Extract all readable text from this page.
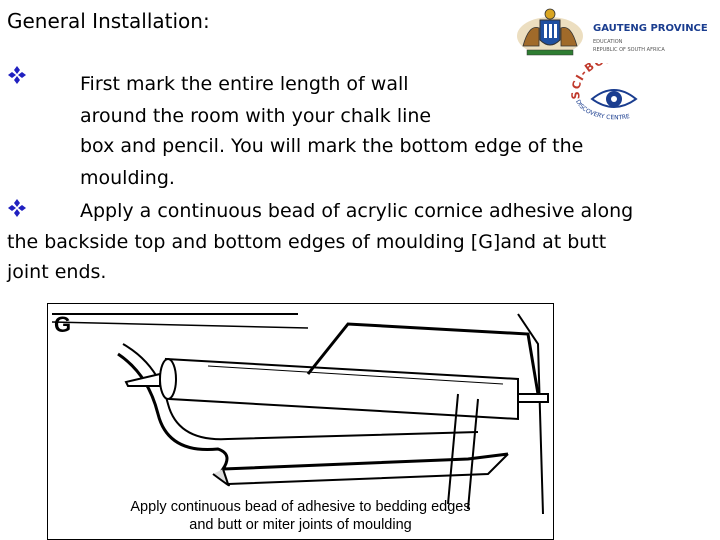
General Installation:
First mark the entire length of wall
around the room with your chalk line
box and pencil. You will mark the bottom edge of the
moulding.
Apply a continuous bead of acrylic cornice adhesive along
the backside top and bottom edges of moulding [G]and at butt
joint ends.
GAUTENG PROVINCE
EDUCATION
REPUBLIC OF SOUTH AFRICA
SCI-B
DISCOVERY CENTRE
G
Apply continuous bead of adhesive to bedding edges
and butt or miter joints of moulding
